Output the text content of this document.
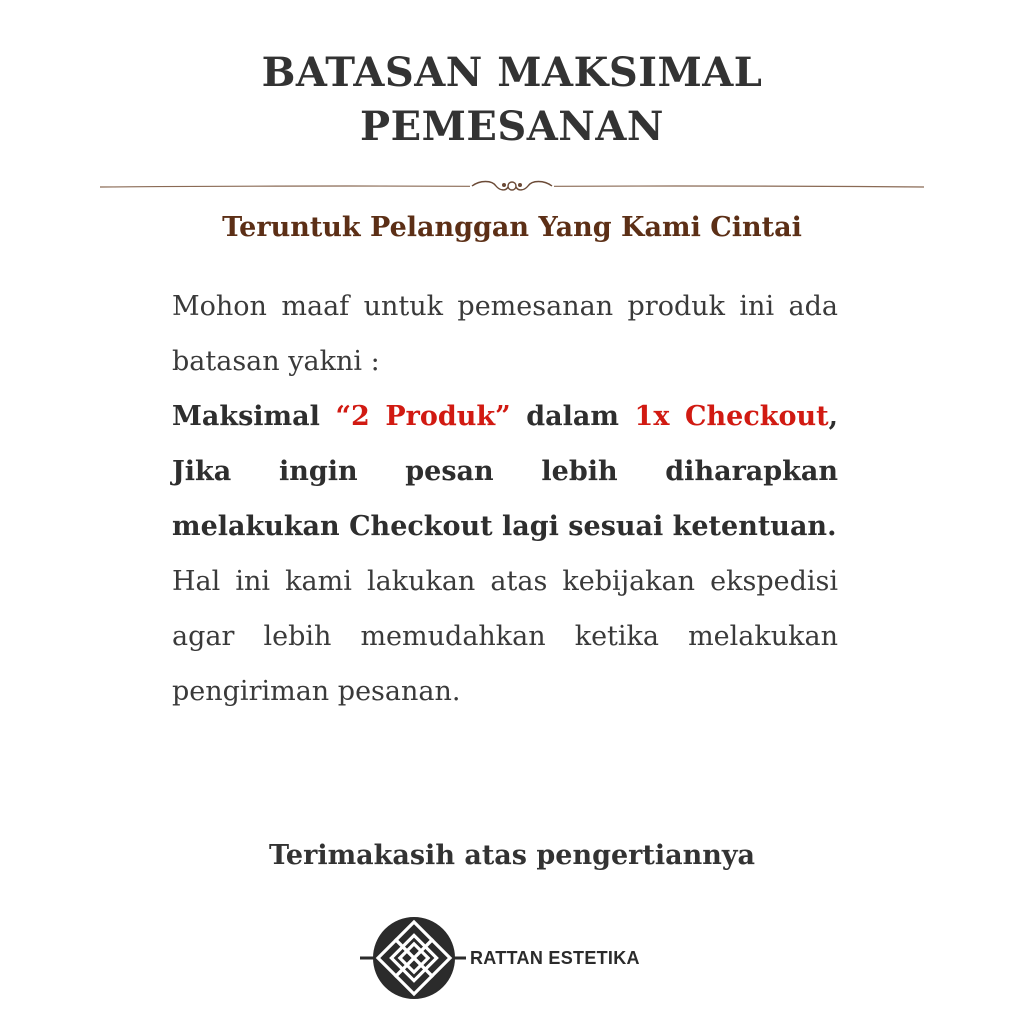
BATASAN MAKSIMAL
PEMESANAN
Teruntuk Pelanggan Yang Kami Cintai

Mohon maaf untuk pemesanan produk ini ada batasan yakni :

Maksimal “2 Produk” dalam 1x Checkout, Jika ingin pesan lebih diharapkan melakukan Checkout lagi sesuai ketentuan.

Hal ini kami lakukan atas kebijakan ekspedisi agar lebih memudahkan ketika melakukan pengiriman pesanan.

Terimakasih atas pengertiannya
RATTAN ESTETIKA
